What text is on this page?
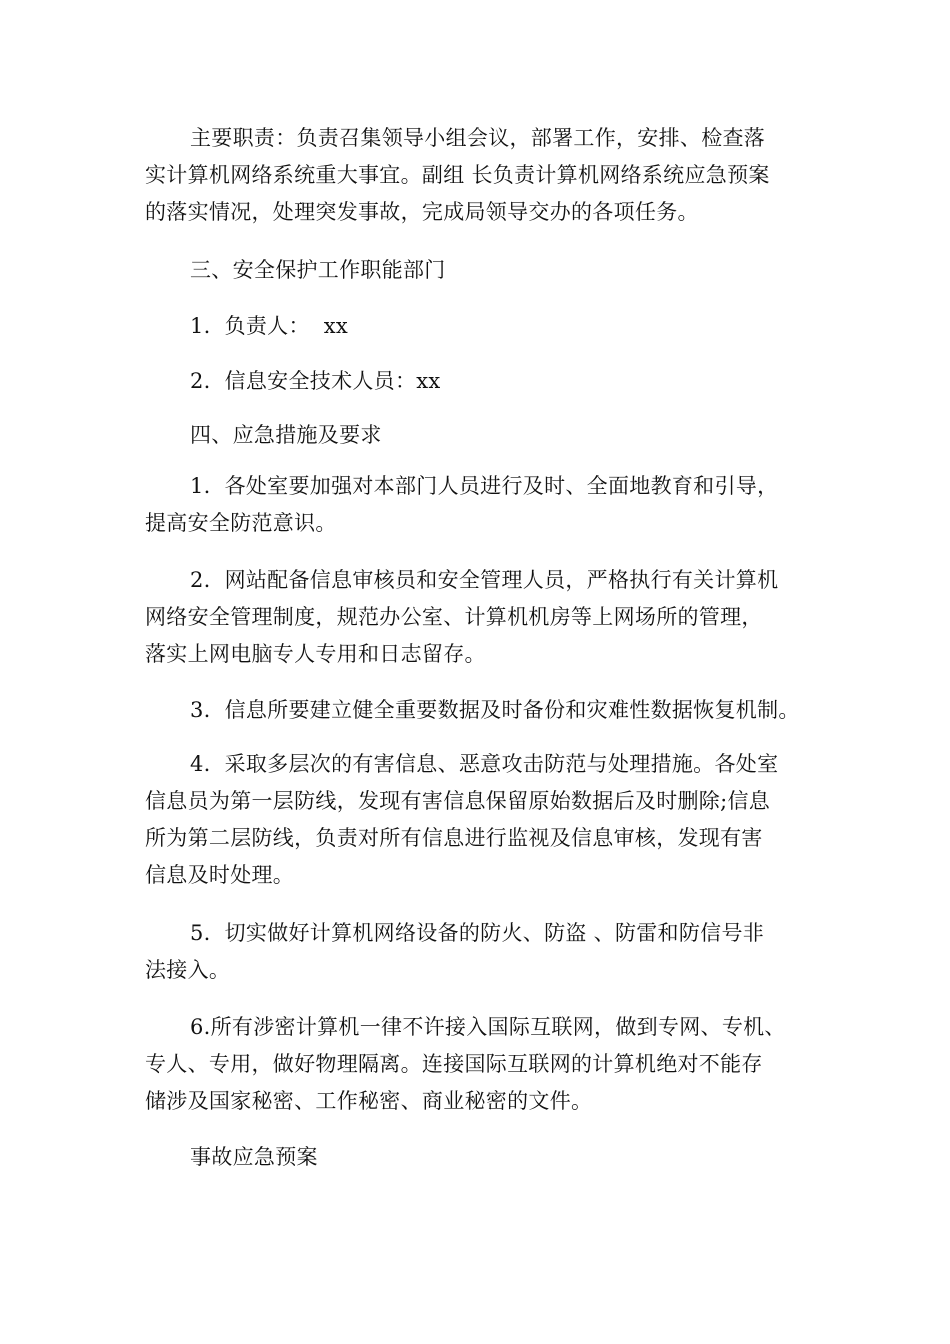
主要职责：负责召集领导小组会议，部署工作，安排、检查落
实计算机网络系统重大事宜。副组 长负责计算机网络系统应急预案
的落实情况，处理突发事故，完成局领导交办的各项任务。
三、安全保护工作职能部门
1.  负责人：  xx
2.  信息安全技术人员：xx
四、应急措施及要求
1.  各处室要加强对本部门人员进行及时、全面地教育和引导，
提高安全防范意识。
2.  网站配备信息审核员和安全管理人员，严格执行有关计算机
网络安全管理制度，规范办公室、计算机机房等上网场所的管理，
落实上网电脑专人专用和日志留存。
3.  信息所要建立健全重要数据及时备份和灾难性数据恢复机制。
4.  采取多层次的有害信息、恶意攻击防范与处理措施。各处室
信息员为第一层防线，发现有害信息保留原始数据后及时删除;信息
所为第二层防线，负责对所有信息进行监视及信息审核，发现有害
信息及时处理。
5.  切实做好计算机网络设备的防火、防盗 、防雷和防信号非
法接入。
6.所有涉密计算机一律不许接入国际互联网，做到专网、专机、
专人、专用，做好物理隔离。连接国际互联网的计算机绝对不能存
储涉及国家秘密、工作秘密、商业秘密的文件。
事故应急预案
